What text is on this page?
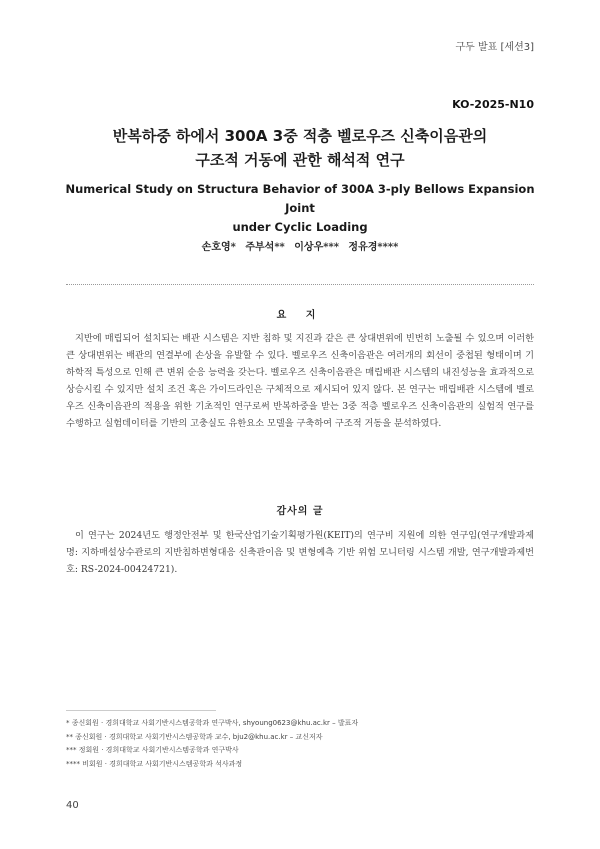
구두 발표 [세션3]
KO-2025-N10
반복하중 하에서 300A 3중 적층 벨로우즈 신축이음관의
구조적 거동에 관한 해석적 연구
Numerical Study on Structura Behavior of 300A 3-ply Bellows Expansion Joint
under Cyclic Loading
손호영* 주부석** 이상우*** 정유경****
요 지
지반에 매립되어 설치되는 배관 시스템은 지반 침하 및 지진과 같은 큰 상대변위에 빈번히 노출될 수 있으며 이러한 큰 상대변위는 배관의 연결부에 손상을 유발할 수 있다. 벨로우즈 신축이음관은 여러개의 회선이 중첩된 형태이며 기하학적 특성으로 인해 큰 변위 순응 능력을 갖는다. 벨로우즈 신축이음관은 매립배관 시스템의 내진성능을 효과적으로 상승시킬 수 있지만 설치 조건 혹은 가이드라인은 구체적으로 제시되어 있지 않다. 본 연구는 매립배관 시스템에 벨로우즈 신축이음관의 적용을 위한 기초적인 연구로써 반복하중을 받는 3중 적층 벨로우즈 신축이음관의 실험적 연구를 수행하고 실험데이터를 기반의 고충실도 유한요소 모델을 구축하여 구조적 거동을 분석하였다.
감사의 글
이 연구는 2024년도 행정안전부 및 한국산업기술기획평가원(KEIT)의 연구비 지원에 의한 연구임(연구개발과제명: 지하매설상수관로의 지반침하변형대응 신축관이음 및 변형예측 기반 위험 모니터링 시스템 개발, 연구개발과제번호: RS-2024-00424721).
* 종신회원 · 경희대학교 사회기반시스템공학과 연구박사, shyoung0623@khu.ac.kr – 발표자
** 종신회원 · 경희대학교 사회기반시스템공학과 교수, bju2@khu.ac.kr – 교신저자
*** 정회원 · 경희대학교 사회기반시스템공학과 연구박사
**** 비회원 · 경희대학교 사회기반시스템공학과 석사과정
40
